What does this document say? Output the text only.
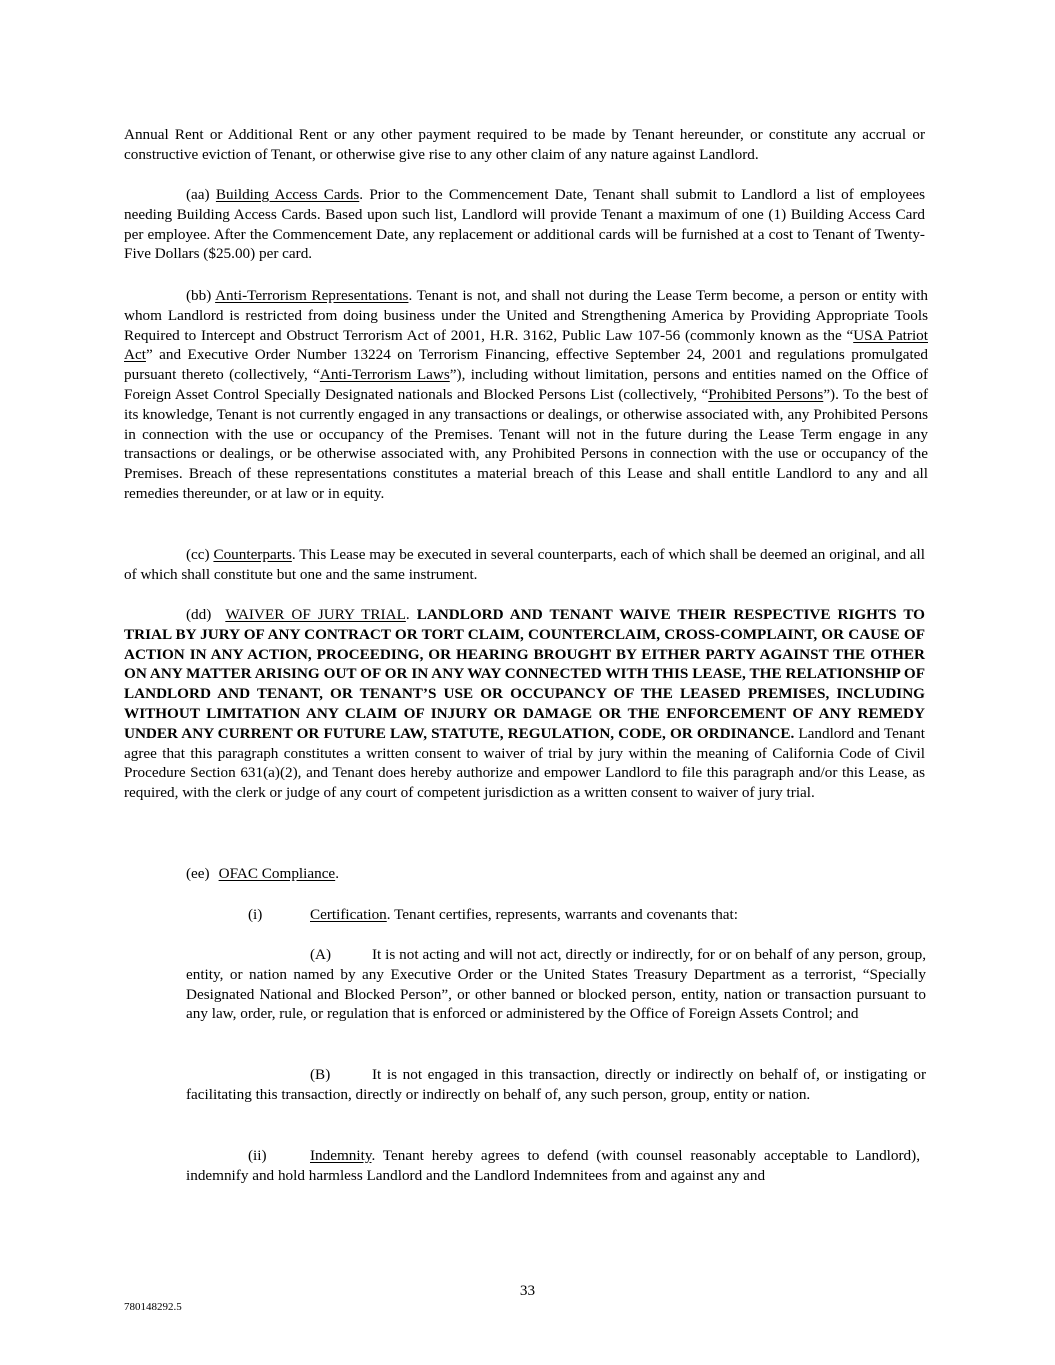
Annual Rent or Additional Rent or any other payment required to be made by Tenant hereunder, or constitute any accrual or constructive eviction of Tenant, or otherwise give rise to any other claim of any nature against Landlord.

(aa) Building Access Cards. Prior to the Commencement Date, Tenant shall submit to Landlord a list of employees needing Building Access Cards. Based upon such list, Landlord will provide Tenant a maximum of one (1) Building Access Card per employee. After the Commencement Date, any replacement or additional cards will be furnished at a cost to Tenant of Twenty-Five Dollars ($25.00) per card.

(bb) Anti-Terrorism Representations. Tenant is not, and shall not during the Lease Term become, a person or entity with whom Landlord is restricted from doing business under the United and Strengthening America by Providing Appropriate Tools Required to Intercept and Obstruct Terrorism Act of 2001, H.R. 3162, Public Law 107-56 (commonly known as the “USA Patriot Act” and Executive Order Number 13224 on Terrorism Financing, effective September 24, 2001 and regulations promulgated pursuant thereto (collectively, “Anti-Terrorism Laws”), including without limitation, persons and entities named on the Office of Foreign Asset Control Specially Designated nationals and Blocked Persons List (collectively, “Prohibited Persons”). To the best of its knowledge, Tenant is not currently engaged in any transactions or dealings, or otherwise associated with, any Prohibited Persons in connection with the use or occupancy of the Premises. Tenant will not in the future during the Lease Term engage in any transactions or dealings, or be otherwise associated with, any Prohibited Persons in connection with the use or occupancy of the Premises. Breach of these representations constitutes a material breach of this Lease and shall entitle Landlord to any and all remedies thereunder, or at law or in equity.

(cc) Counterparts. This Lease may be executed in several counterparts, each of which shall be deemed an original, and all of which shall constitute but one and the same instrument.

(dd) WAIVER OF JURY TRIAL. LANDLORD AND TENANT WAIVE THEIR RESPECTIVE RIGHTS TO TRIAL BY JURY OF ANY CONTRACT OR TORT CLAIM, COUNTERCLAIM, CROSS-COMPLAINT, OR CAUSE OF ACTION IN ANY ACTION, PROCEEDING, OR HEARING BROUGHT BY EITHER PARTY AGAINST THE OTHER ON ANY MATTER ARISING OUT OF OR IN ANY WAY CONNECTED WITH THIS LEASE, THE RELATIONSHIP OF LANDLORD AND TENANT, OR TENANT’S USE OR OCCUPANCY OF THE LEASED PREMISES, INCLUDING WITHOUT LIMITATION ANY CLAIM OF INJURY OR DAMAGE OR THE ENFORCEMENT OF ANY REMEDY UNDER ANY CURRENT OR FUTURE LAW, STATUTE, REGULATION, CODE, OR ORDINANCE. Landlord and Tenant agree that this paragraph constitutes a written consent to waiver of trial by jury within the meaning of California Code of Civil Procedure Section 631(a)(2), and Tenant does hereby authorize and empower Landlord to file this paragraph and/or this Lease, as required, with the clerk or judge of any court of competent jurisdiction as a written consent to waiver of jury trial.

(ee) OFAC Compliance.

(i)	Certification. Tenant certifies, represents, warrants and covenants that:

(A)	It is not acting and will not act, directly or indirectly, for or on behalf of any person, group, entity, or nation named by any Executive Order or the United States Treasury Department as a terrorist, “Specially Designated National and Blocked Person”, or other banned or blocked person, entity, nation or transaction pursuant to any law, order, rule, or regulation that is enforced or administered by the Office of Foreign Assets Control; and

(B)	It is not engaged in this transaction, directly or indirectly on behalf of, or instigating or facilitating this transaction, directly or indirectly on behalf of, any such person, group, entity or nation.

(ii)	Indemnity. Tenant hereby agrees to defend (with counsel reasonably acceptable to Landlord), indemnify and hold harmless Landlord and the Landlord Indemnitees from and against any and

33
780148292.5
